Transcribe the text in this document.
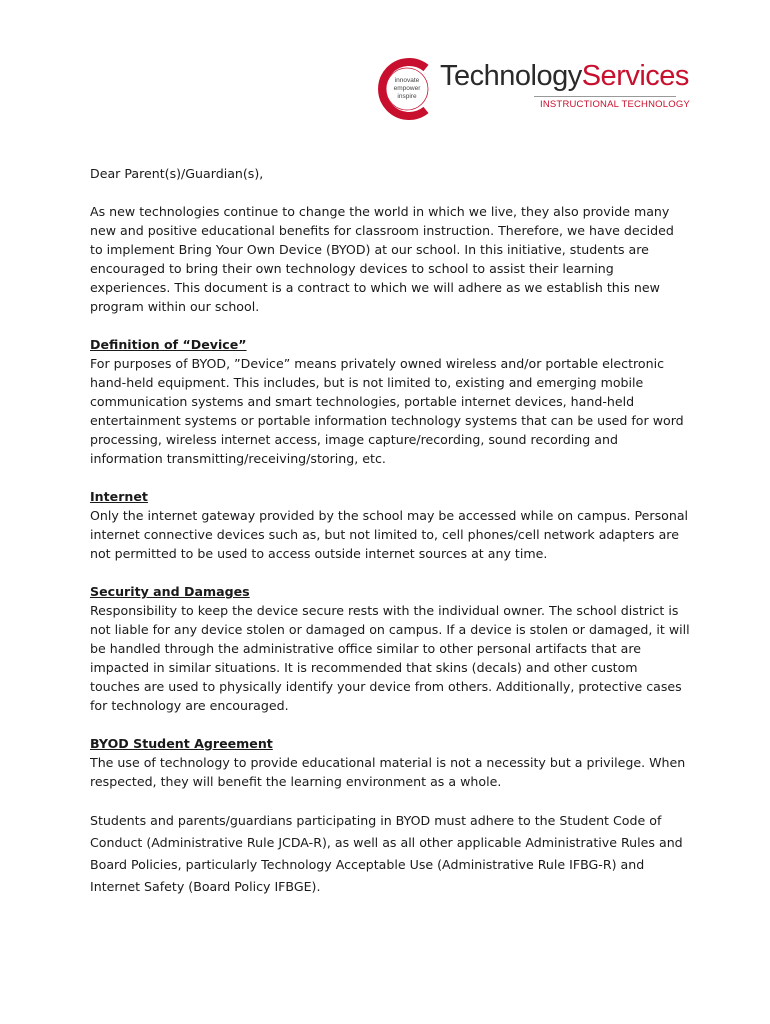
innovate
empower
inspire
TechnologyServices
INSTRUCTIONAL TECHNOLOGY

Dear Parent(s)/Guardian(s),

As new technologies continue to change the world in which we live, they also provide many new and positive educational benefits for classroom instruction. Therefore, we have decided to implement Bring Your Own Device (BYOD) at our school. In this initiative, students are encouraged to bring their own technology devices to school to assist their learning experiences. This document is a contract to which we will adhere as we establish this new program within our school.

Definition of “Device”

For purposes of BYOD, ”Device” means privately owned wireless and/or portable electronic hand-held equipment. This includes, but is not limited to, existing and emerging mobile communication systems and smart technologies, portable internet devices, hand-held entertainment systems or portable information technology systems that can be used for word processing, wireless internet access, image capture/recording, sound recording and information transmitting/receiving/storing, etc.

Internet

Only the internet gateway provided by the school may be accessed while on campus. Personal internet connective devices such as, but not limited to, cell phones/cell network adapters are not permitted to be used to access outside internet sources at any time.

Security and Damages

Responsibility to keep the device secure rests with the individual owner. The school district is not liable for any device stolen or damaged on campus. If a device is stolen or damaged, it will be handled through the administrative office similar to other personal artifacts that are impacted in similar situations. It is recommended that skins (decals) and other custom touches are used to physically identify your device from others. Additionally, protective cases for technology are encouraged.

BYOD Student Agreement

The use of technology to provide educational material is not a necessity but a privilege. When respected, they will benefit the learning environment as a whole.

Students and parents/guardians participating in BYOD must adhere to the Student Code of Conduct (Administrative Rule JCDA-R), as well as all other applicable Administrative Rules and Board Policies, particularly Technology Acceptable Use (Administrative Rule IFBG-R) and Internet Safety (Board Policy IFBGE).
